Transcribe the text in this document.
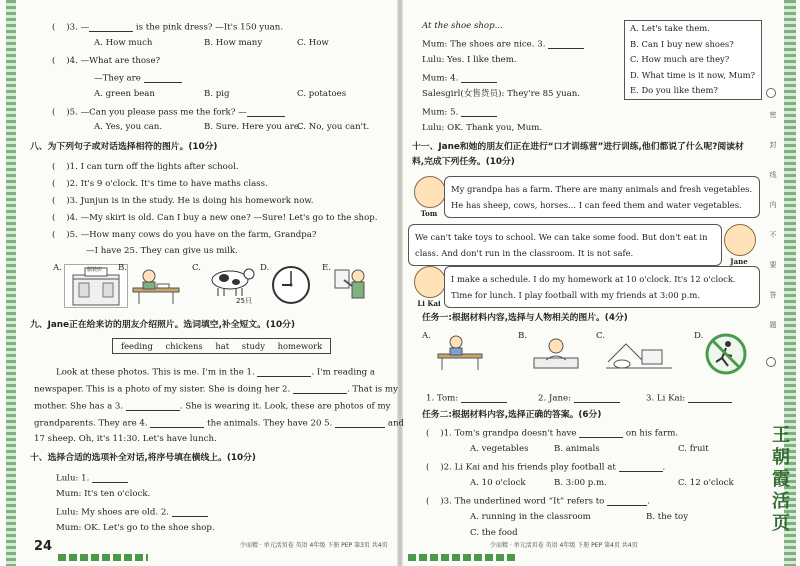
( )3. —	is the pink dress? —It's 150 yuan.
A. How much	B. How many	C. How
( )4. —What are those?
—They are
A. green bean	B. pig	C. potatoes
( )5. —Can you please pass me the fork? —
A. Yes, you can.	B. Sure. Here you are.
C. No, you can't.
八、为下列句子或对话选择相符的图片。(10分)
( )1. I can turn off the lights after school.
( )2. It's 9 o'clock. It's time to have maths class.
( )3. Junjun is in the study. He is doing his homework now.
( )4. —My skirt is old. Can I buy a new one? —Sure! Let's go to the shop.
( )5. —How many cows do you have on the farm, Grandpa?
—I have 25. They can give us milk.
A.	服装店 B.	C.
25只
D.	E.
九、Jane正在给来访的朋友介绍照片。选词填空,补全短文。(10分)
feeding chickens hat study homework
Look at these photos. This is me. I'm in the 1.	. I'm reading a
newspaper. This is a photo of my sister. She is doing her 2.	. That is my
mother. She has a 3.	. She is wearing it. Look, these are photos of my
grandparents. They are 4.	the animals. They have 20 5.	and
17 sheep. Oh, it's 11:30. Let's have lunch.
十、选择合适的选项补全对话,将序号填在横线上。(10分)
Lulu: 1.
Mum: It's ten o'clock.
Lulu: My shoes are old. 2.
Mum: OK. Let's go to the shoe shop.
24	少而精 · 单元活页卷 英语 4年级 下册 PEP 第3页 共4页
At the shoe shop...
Mum: The shoes are nice. 3.
Lulu: Yes. I like them.
Mum: 4.
Salesgirl(女售货员): They're 85 yuan.
Mum: 5.
Lulu: OK. Thank you, Mum.
A. Let's take them.
B. Can I buy new shoes?
C. How much are they?
D. What time is it now, Mum?
E. Do you like them?
十一、Jane和她的朋友们正在进行“口才训练营”进行训练,他们都说了什么呢?阅读材
料,完成下列任务。(10分)
Tom
My grandpa has a farm. There are many animals and fresh vegetables. He has sheep, cows, horses... I can feed them and water vegetables.
We can't take toys to school. We can take some food. But don't eat in class. And don't run in the classroom. It is not safe.
Jane
Li Kai
I make a schedule. I do my homework at 10 o'clock. It's 12 o'clock. Time for lunch. I play football with my friends at 3:00 p.m.
任务一:根据材料内容,选择与人物相关的图片。(4分)
A.	B.	C.	D.
1. Tom:	2. Jane:	3. Li Kai:
任务二:根据材料内容,选择正确的答案。(6分)
( )1. Tom's grandpa doesn't have	on his farm.
A. vegetables	B. animals	C. fruit
( )2. Li Kai and his friends play football at	.
A. 10 o'clock	B. 3:00 p.m.	C. 12 o'clock
( )3. The underlined word “It” refers to	.
A. running in the classroom	B. the toy
C. the food
少而精 · 单元活页卷 英语 4年级 下册 PEP 第4页 共4页
密
封
线
内
不
要
答
题
王朝霞活页
